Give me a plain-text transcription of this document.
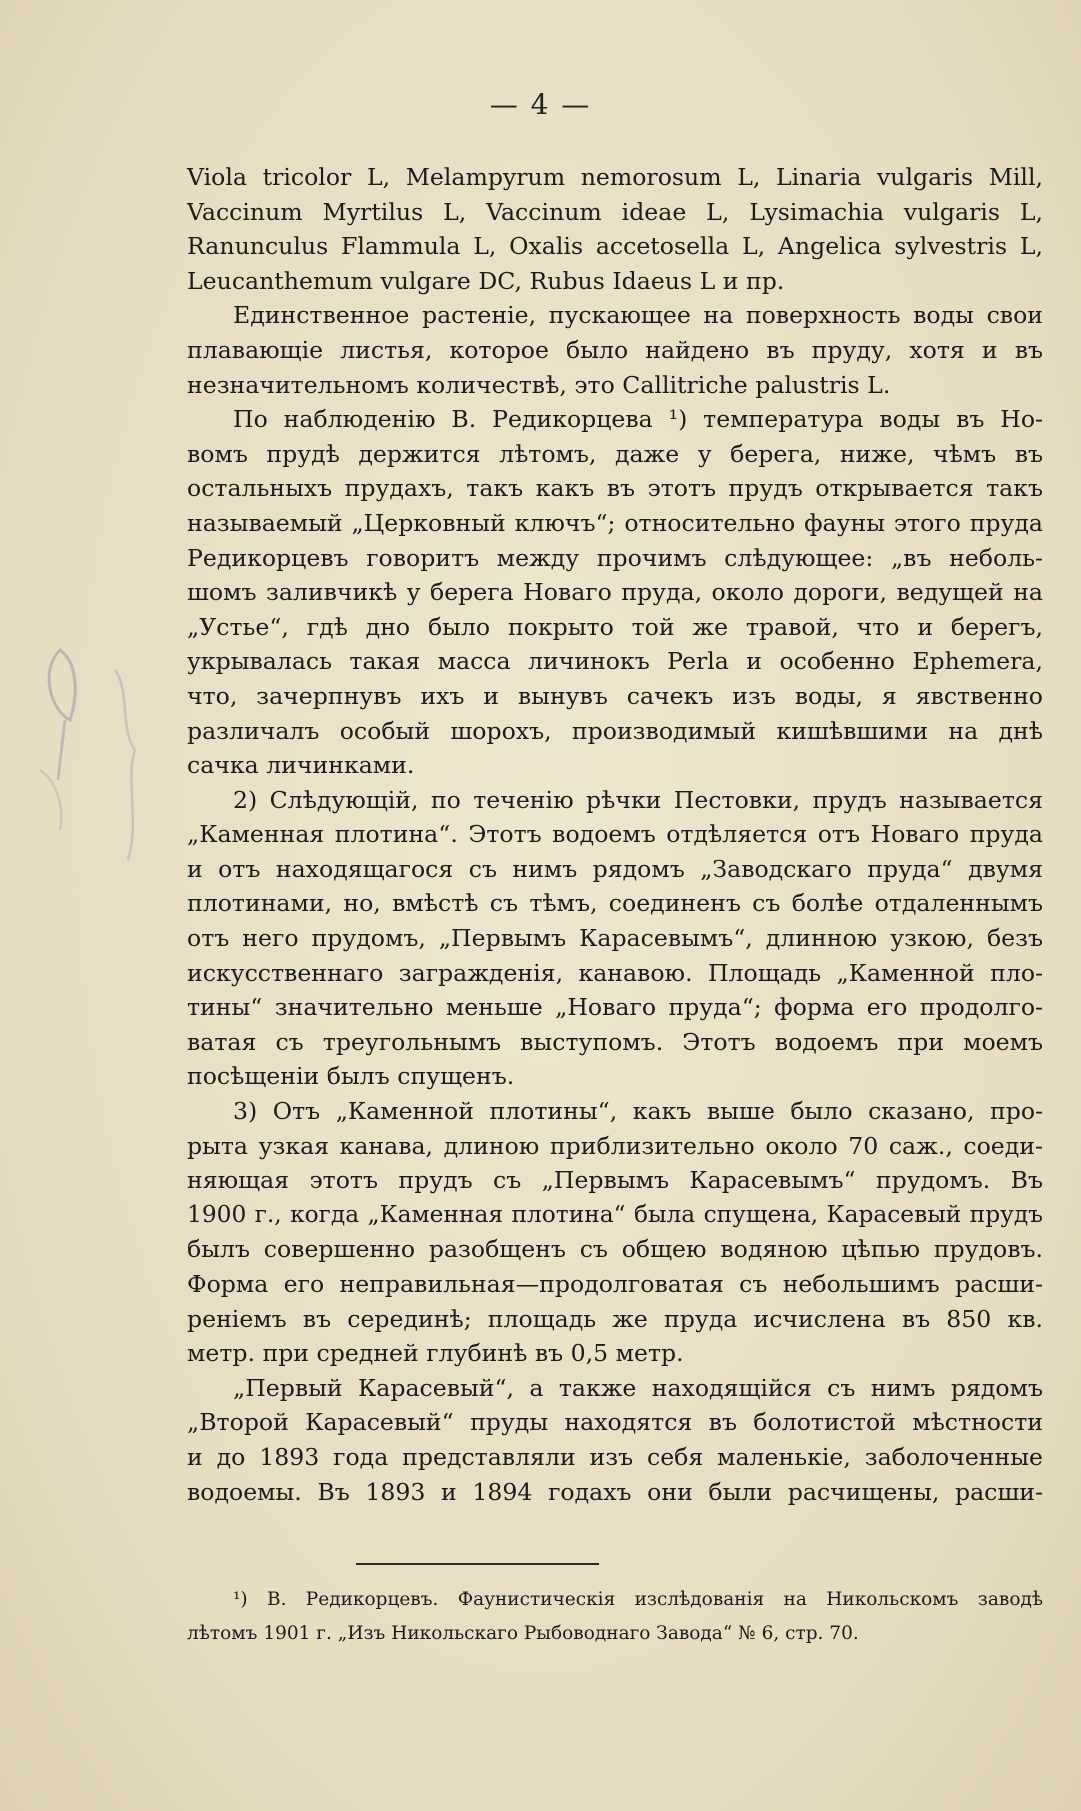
— 4 —
Viola tricolor L, Melampyrum nemorosum L, Linaria vulgaris Mill,
Vaccinum Myrtilus L, Vaccinum ideae L, Lysimachia vulgaris L,
Ranunculus Flammula L, Oxalis accetosella L, Angelica sylvestris L,
Leucanthemum vulgare DC, Rubus Idaeus L и пр.
Единственное растеніе, пускающее на поверхность воды свои
плавающіе листья, которое было найдено въ пруду, хотя и въ
незначительномъ количествѣ, это Callitriche palustris L.
По наблюденію В. Редикорцева ¹) температура воды въ Но-
вомъ прудѣ держится лѣтомъ, даже у берега, ниже, чѣмъ въ
остальныхъ прудахъ, такъ какъ въ этотъ прудъ открывается такъ
называемый „Церковный ключъ“; относительно фауны этого пруда
Редикорцевъ говоритъ между прочимъ слѣдующее: „въ неболь-
шомъ заливчикѣ у берега Новаго пруда, около дороги, ведущей на
„Устье“, гдѣ дно было покрыто той же травой, что и берегъ,
укрывалась такая масса личинокъ Perla и особенно Ephemera,
что, зачерпнувъ ихъ и вынувъ сачекъ изъ воды, я явственно
различалъ особый шорохъ, производимый кишѣвшими на днѣ
сачка личинками.
2) Слѣдующій, по теченію рѣчки Пестовки, прудъ называется
„Каменная плотина“. Этотъ водоемъ отдѣляется отъ Новаго пруда
и отъ находящагося съ нимъ рядомъ „Заводскаго пруда“ двумя
плотинами, но, вмѣстѣ съ тѣмъ, соединенъ съ болѣе отдаленнымъ
отъ него прудомъ, „Первымъ Карасевымъ“, длинною узкою, безъ
искусственнаго загражденія, канавою. Площадь „Каменной пло-
тины“ значительно меньше „Новаго пруда“; форма его продолго-
ватая съ треугольнымъ выступомъ. Этотъ водоемъ при моемъ
посѣщеніи былъ спущенъ.
3) Отъ „Каменной плотины“, какъ выше было сказано, про-
рыта узкая канава, длиною приблизительно около 70 саж., соеди-
няющая этотъ прудъ съ „Первымъ Карасевымъ“ прудомъ. Въ
1900 г., когда „Каменная плотина“ была спущена, Карасевый прудъ
былъ совершенно разобщенъ съ общею водяною цѣпью прудовъ.
Форма его неправильная—продолговатая съ небольшимъ расши-
реніемъ въ серединѣ; площадь же пруда исчислена въ 850 кв.
метр. при средней глубинѣ въ 0,5 метр.
„Первый Карасевый“, а также находящійся съ нимъ рядомъ
„Второй Карасевый“ пруды находятся въ болотистой мѣстности
и до 1893 года представляли изъ себя маленькіе, заболоченные
водоемы. Въ 1893 и 1894 годахъ они были расчищены, расши-
¹) В. Редикорцевъ. Фаунистическія изслѣдованія на Никольскомъ заводѣ
лѣтомъ 1901 г. „Изъ Никольскаго Рыбоводнаго Завода“ № 6, стр. 70.
